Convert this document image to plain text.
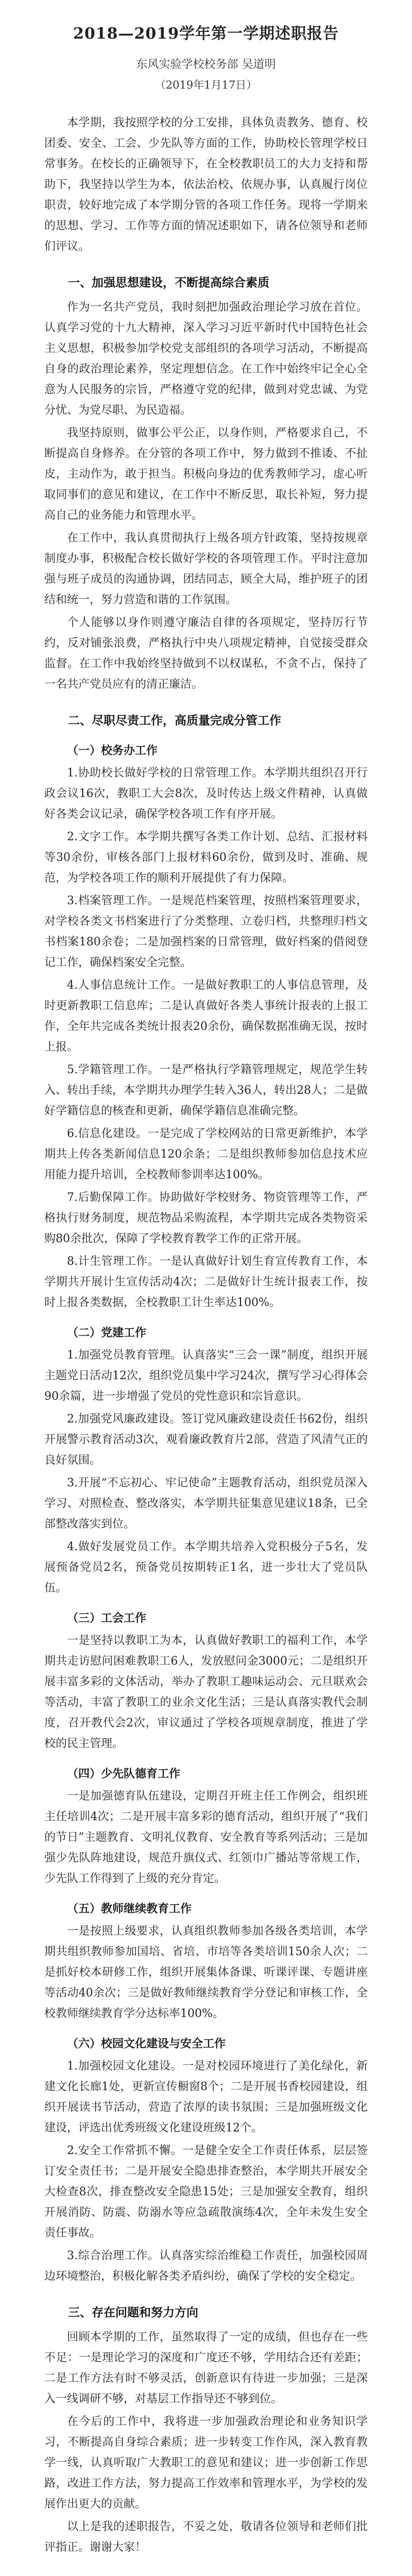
2018—2019学年第一学期述职报告
东风实验学校校务部 吴道明
（2019年1月17日）

本学期，我按照学校的分工安排，具体负责教务、德育、校团委、安全、工会、少先队等方面的工作，协助校长管理学校日常事务。在校长的正确领导下，在全校教职员工的大力支持和帮助下，我坚持以学生为本，依法治校、依规办事，认真履行岗位职责，较好地完成了本学期分管的各项工作任务。现将一学期来的思想、学习、工作等方面的情况述职如下，请各位领导和老师们评议。

一、加强思想建设，不断提高综合素质

作为一名共产党员，我时刻把加强政治理论学习放在首位。认真学习党的十九大精神，深入学习习近平新时代中国特色社会主义思想，积极参加学校党支部组织的各项学习活动，不断提高自身的政治理论素养，坚定理想信念。在工作中始终牢记全心全意为人民服务的宗旨，严格遵守党的纪律，做到对党忠诚、为党分忧、为党尽职、为民造福。

我坚持原则，做事公平公正，以身作则，严格要求自己，不断提高自身修养。在分管的各项工作中，努力做到不推诿、不扯皮，主动作为，敢于担当。积极向身边的优秀教师学习，虚心听取同事们的意见和建议，在工作中不断反思，取长补短，努力提高自己的业务能力和管理水平。

在工作中，我认真贯彻执行上级各项方针政策，坚持按规章制度办事，积极配合校长做好学校的各项管理工作。平时注意加强与班子成员的沟通协调，团结同志，顾全大局，维护班子的团结和统一，努力营造和谐的工作氛围。

个人能够以身作则遵守廉洁自律的各项规定，坚持厉行节约，反对铺张浪费，严格执行中央八项规定精神，自觉接受群众监督。在工作中我始终坚持做到不以权谋私，不贪不占，保持了一名共产党员应有的清正廉洁。

二、尽职尽责工作，高质量完成分管工作
（一）校务办工作

1.协助校长做好学校的日常管理工作。本学期共组织召开行政会议16次，教职工大会8次，及时传达上级文件精神，认真做好各类会议记录，确保学校各项工作有序开展。

2.文字工作。本学期共撰写各类工作计划、总结、汇报材料等30余份，审核各部门上报材料60余份，做到及时、准确、规范，为学校各项工作的顺利开展提供了有力保障。

3.档案管理工作。一是规范档案管理，按照档案管理要求，对学校各类文书档案进行了分类整理、立卷归档，共整理归档文书档案180余卷；二是加强档案的日常管理，做好档案的借阅登记工作，确保档案安全完整。

4.人事信息统计工作。一是做好教职工的人事信息管理，及时更新教职工信息库；二是认真做好各类人事统计报表的上报工作，全年共完成各类统计报表20余份，确保数据准确无误，按时上报。

5.学籍管理工作。一是严格执行学籍管理规定，规范学生转入、转出手续，本学期共办理学生转入36人，转出28人；二是做好学籍信息的核查和更新，确保学籍信息准确完整。

6.信息化建设。一是完成了学校网站的日常更新维护，本学期共上传各类新闻信息120余条；二是组织教师参加信息技术应用能力提升培训，全校教师参训率达100%。

7.后勤保障工作。协助做好学校财务、物资管理等工作，严格执行财务制度，规范物品采购流程，本学期共完成各类物资采购80余批次，保障了学校教育教学工作的正常开展。

8.计生管理工作。一是认真做好计划生育宣传教育工作，本学期共开展计生宣传活动4次；二是做好计生统计报表工作，按时上报各类数据，全校教职工计生率达100%。

（二）党建工作

1.加强党员教育管理。认真落实“三会一课”制度，组织开展主题党日活动12次，组织党员集中学习24次，撰写学习心得体会90余篇，进一步增强了党员的党性意识和宗旨意识。

2.加强党风廉政建设。签订党风廉政建设责任书62份，组织开展警示教育活动3次，观看廉政教育片2部，营造了风清气正的良好氛围。

3.开展“不忘初心、牢记使命”主题教育活动，组织党员深入学习、对照检查、整改落实，本学期共征集意见建议18条，已全部整改落实到位。

4.做好发展党员工作。本学期共培养入党积极分子5名，发展预备党员2名，预备党员按期转正1名，进一步壮大了党员队伍。

（三）工会工作

一是坚持以教职工为本，认真做好教职工的福利工作，本学期共走访慰问困难教职工6人，发放慰问金3000元；二是组织开展丰富多彩的文体活动，举办了教职工趣味运动会、元旦联欢会等活动，丰富了教职工的业余文化生活；三是认真落实教代会制度，召开教代会2次，审议通过了学校各项规章制度，推进了学校的民主管理。

（四）少先队德育工作

一是加强德育队伍建设，定期召开班主任工作例会，组织班主任培训4次；二是开展丰富多彩的德育活动，组织开展了“我们的节日”主题教育、文明礼仪教育、安全教育等系列活动；三是加强少先队阵地建设，规范升旗仪式、红领巾广播站等常规工作，少先队工作得到了上级的充分肯定。

（五）教师继续教育工作

一是按照上级要求，认真组织教师参加各级各类培训，本学期共组织教师参加国培、省培、市培等各类培训150余人次；二是抓好校本研修工作，组织开展集体备课、听课评课、专题讲座等活动40余次；三是做好教师继续教育学分登记和审核工作，全校教师继续教育学分达标率100%。

（六）校园文化建设与安全工作

1.加强校园文化建设。一是对校园环境进行了美化绿化，新建文化长廊1处，更新宣传橱窗8个；二是开展书香校园建设，组织开展读书节活动，营造了浓厚的读书氛围；三是加强班级文化建设，评选出优秀班级文化建设班级12个。

2.安全工作常抓不懈。一是健全安全工作责任体系，层层签订安全责任书；二是开展安全隐患排查整治，本学期共开展安全大检查8次，排查整改安全隐患15处；三是加强安全教育，组织开展消防、防震、防溺水等应急疏散演练4次，全年未发生安全责任事故。

3.综合治理工作。认真落实综治维稳工作责任，加强校园周边环境整治，积极化解各类矛盾纠纷，确保了学校的安全稳定。

三、存在问题和努力方向

回顾本学期的工作，虽然取得了一定的成绩，但也存在一些不足：一是理论学习的深度和广度还不够，学用结合还有差距；二是工作方法有时不够灵活，创新意识有待进一步加强；三是深入一线调研不够，对基层工作指导还不够到位。

在今后的工作中，我将进一步加强政治理论和业务知识学习，不断提高自身综合素质；进一步转变工作作风，深入教育教学一线，认真听取广大教职工的意见和建议；进一步创新工作思路，改进工作方法，努力提高工作效率和管理水平，为学校的发展作出更大的贡献。

以上是我的述职报告，不妥之处，敬请各位领导和老师们批评指正。谢谢大家！
